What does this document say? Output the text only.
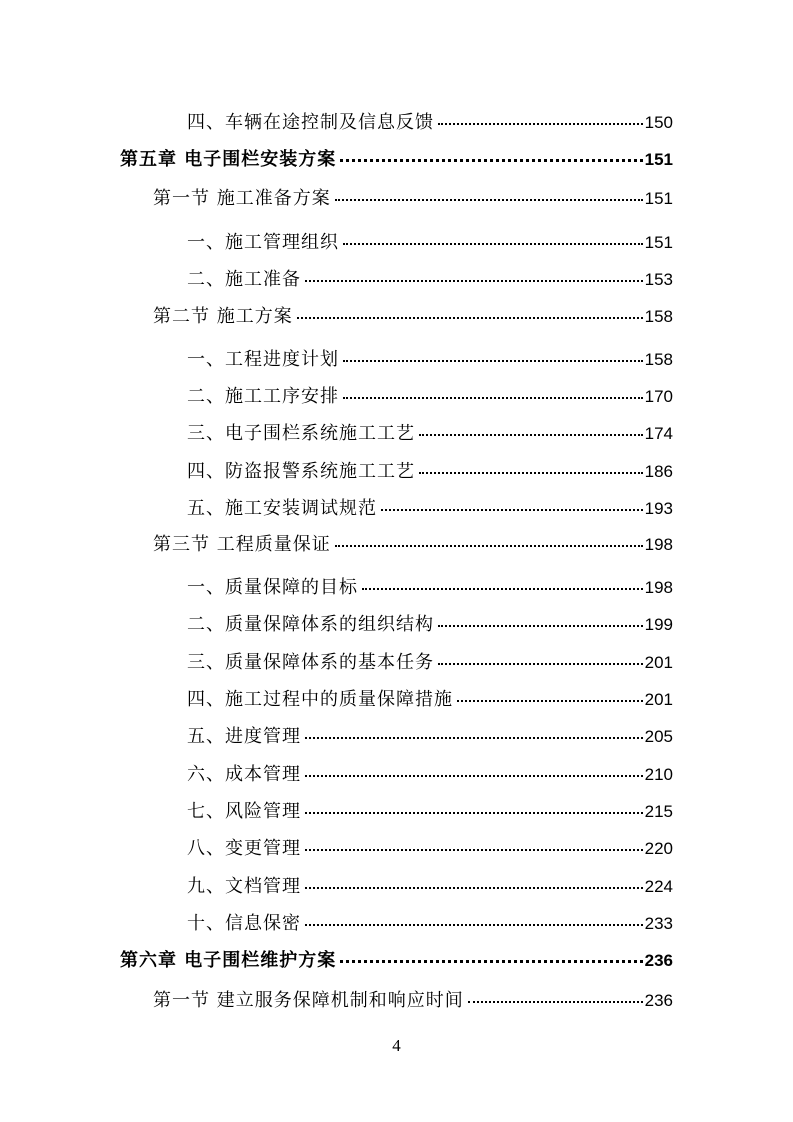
四、车辆在途控制及信息反馈	150
第五章 电子围栏安装方案	151
第一节 施工准备方案	151
一、施工管理组织	151
二、施工准备	153
第二节 施工方案	158
一、工程进度计划	158
二、施工工序安排	170
三、电子围栏系统施工工艺	174
四、防盗报警系统施工工艺	186
五、施工安装调试规范	193
第三节 工程质量保证	198
一、质量保障的目标	198
二、质量保障体系的组织结构	199
三、质量保障体系的基本任务	201
四、施工过程中的质量保障措施	201
五、进度管理	205
六、成本管理	210
七、风险管理	215
八、变更管理	220
九、文档管理	224
十、信息保密	233
第六章 电子围栏维护方案	236
第一节 建立服务保障机制和响应时间	236
4
